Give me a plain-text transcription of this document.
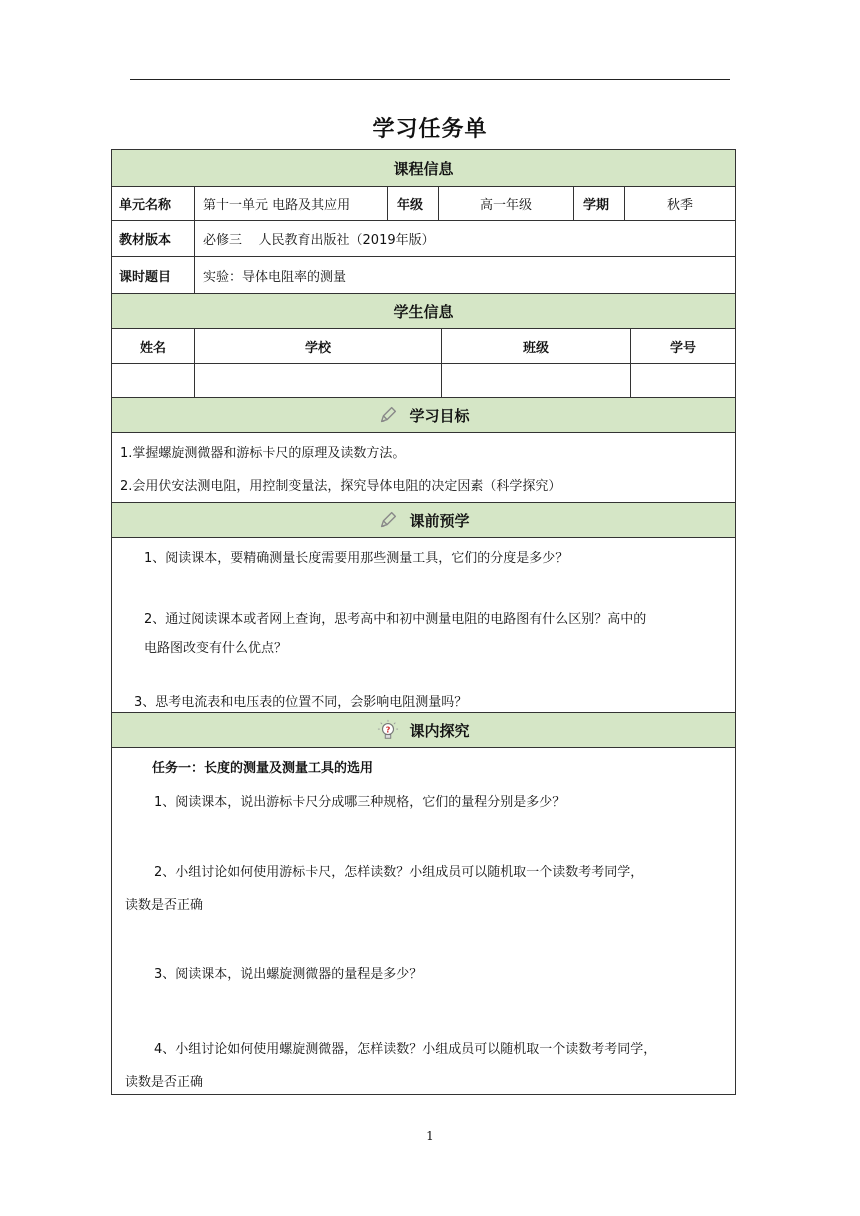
学习任务单
课程信息
单元名称	第十一单元 电路及其应用	年级	高一年级	学期	秋季
教材版本	必修三    人民教育出版社（2019年版）
课时题目	实验：导体电阻率的测量
学生信息
姓名	学校	班级	学号
学习目标
1.掌握螺旋测微器和游标卡尺的原理及读数方法。
2.会用伏安法测电阻，用控制变量法，探究导体电阻的决定因素（科学探究）
课前预学
1、阅读课本，要精确测量长度需要用那些测量工具，它们的分度是多少？
2、通过阅读课本或者网上查询，思考高中和初中测量电阻的电路图有什么区别？高中的
电路图改变有什么优点？
3、思考电流表和电压表的位置不同，会影响电阻测量吗？
? 课内探究
任务一：长度的测量及测量工具的选用
1、阅读课本，说出游标卡尺分成哪三种规格，它们的量程分别是多少？
2、小组讨论如何使用游标卡尺，怎样读数？小组成员可以随机取一个读数考考同学，
读数是否正确
3、阅读课本，说出螺旋测微器的量程是多少？
4、小组讨论如何使用螺旋测微器，怎样读数？小组成员可以随机取一个读数考考同学，
读数是否正确
1
